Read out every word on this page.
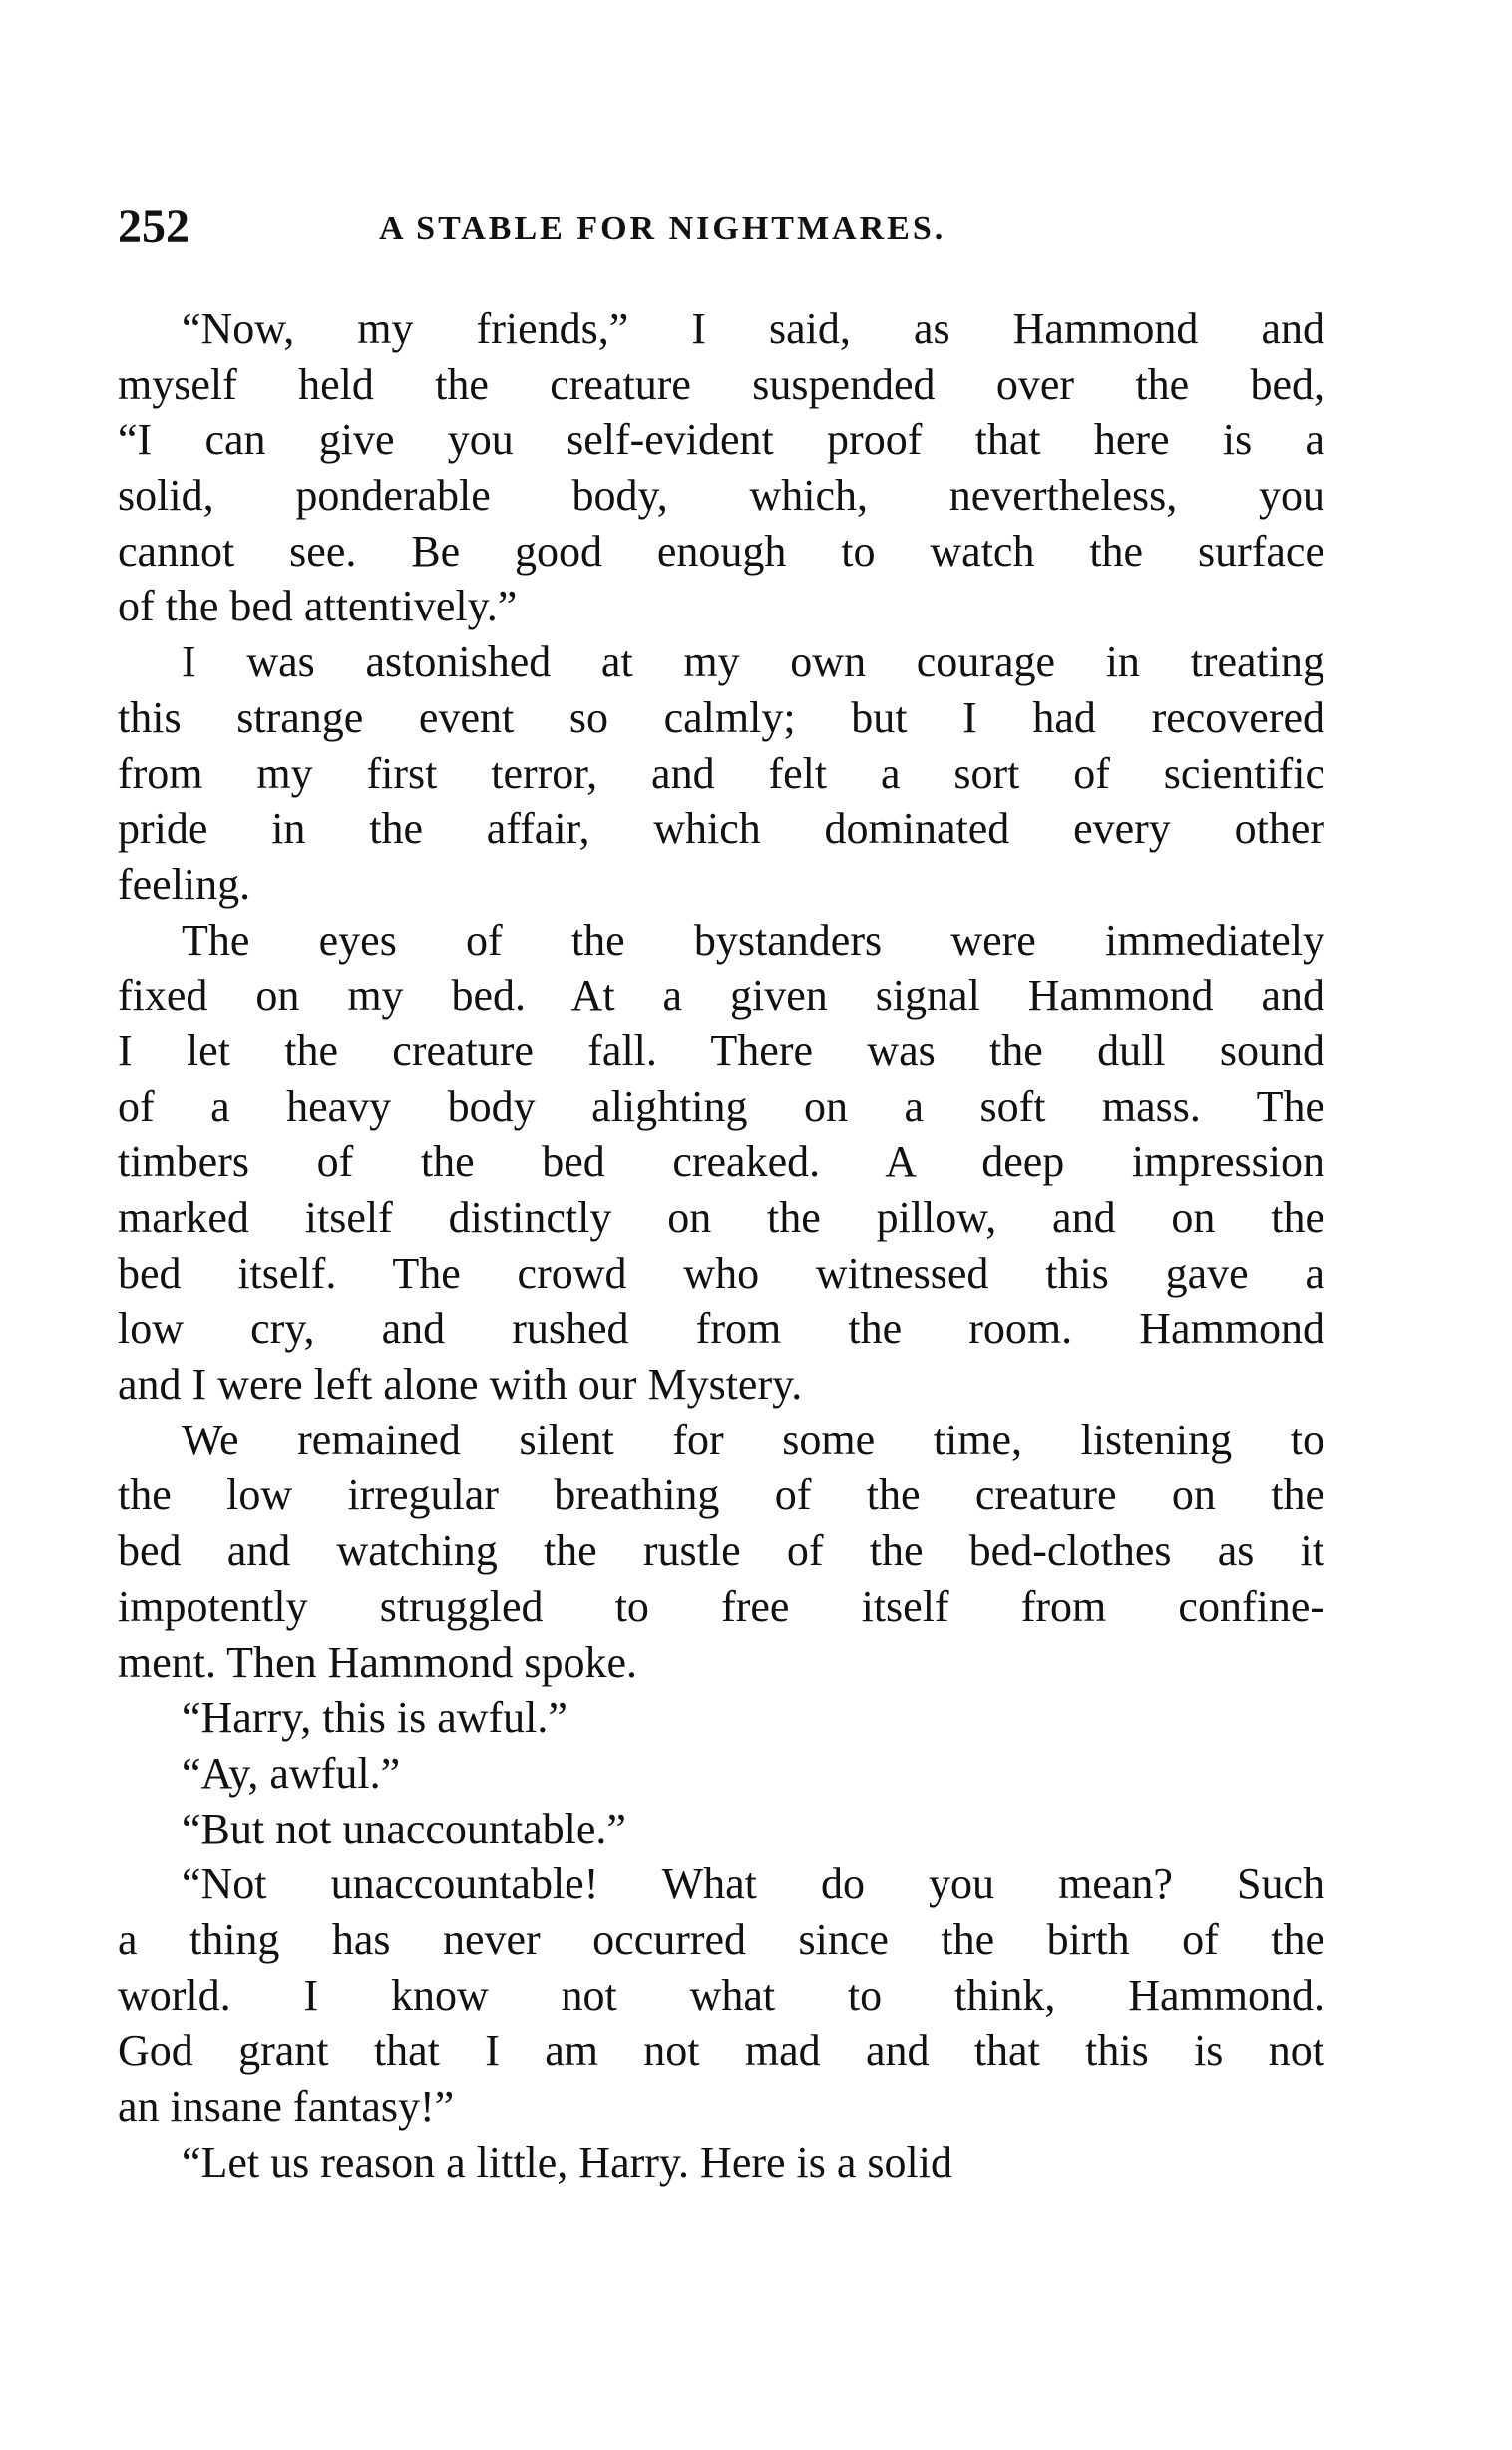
252	A STABLE FOR NIGHTMARES.
“Now, my friends,” I said, as Hammond and
myself held the creature suspended over the bed,
“I can give you self-evident proof that here is a
solid, ponderable body, which, nevertheless, you
cannot see. Be good enough to watch the surface
of the bed attentively.”
I was astonished at my own courage in treating
this strange event so calmly; but I had recovered
from my first terror, and felt a sort of scientific
pride in the affair, which dominated every other
feeling.
The eyes of the bystanders were immediately
fixed on my bed. At a given signal Hammond and
I let the creature fall. There was the dull sound
of a heavy body alighting on a soft mass. The
timbers of the bed creaked. A deep impression
marked itself distinctly on the pillow, and on the
bed itself. The crowd who witnessed this gave a
low cry, and rushed from the room. Hammond
and I were left alone with our Mystery.
We remained silent for some time, listening to
the low irregular breathing of the creature on the
bed and watching the rustle of the bed-clothes as it
impotently struggled to free itself from confine-
ment. Then Hammond spoke.
“Harry, this is awful.”
“Ay, awful.”
“But not unaccountable.”
“Not unaccountable! What do you mean? Such
a thing has never occurred since the birth of the
world. I know not what to think, Hammond.
God grant that I am not mad and that this is not
an insane fantasy!”
“Let us reason a little, Harry. Here is a solid
